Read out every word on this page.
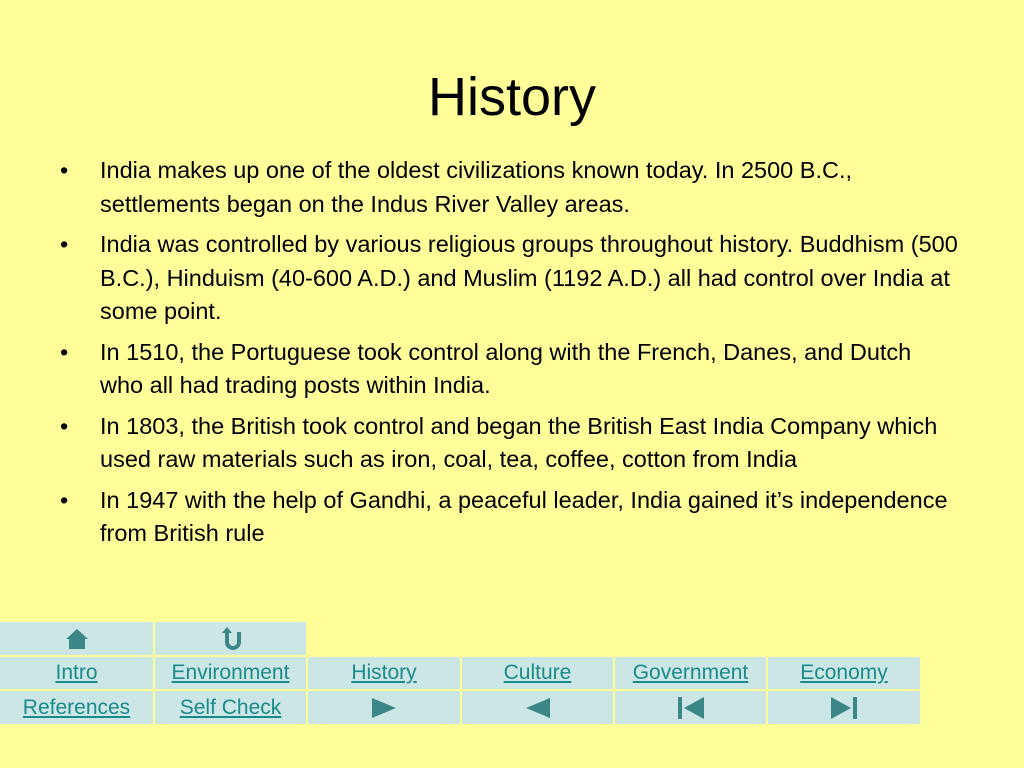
History
• India makes up one of the oldest civilizations known today. In 2500 B.C., settlements began on the Indus River Valley areas.
• India was controlled by various religious groups throughout history. Buddhism (500 B.C.), Hinduism (40-600 A.D.) and Muslim (1192 A.D.) all had control over India at some point.
• In 1510, the Portuguese took control along with the French, Danes, and Dutch who all had trading posts within India.
• In 1803, the British took control and began the British East India Company which used raw materials such as iron, coal, tea, coffee, cotton from India
• In 1947 with the help of Gandhi, a peaceful leader, India gained it’s independence from British rule
Intro	Environment	History	Culture	Government	Economy
References	Self Check
